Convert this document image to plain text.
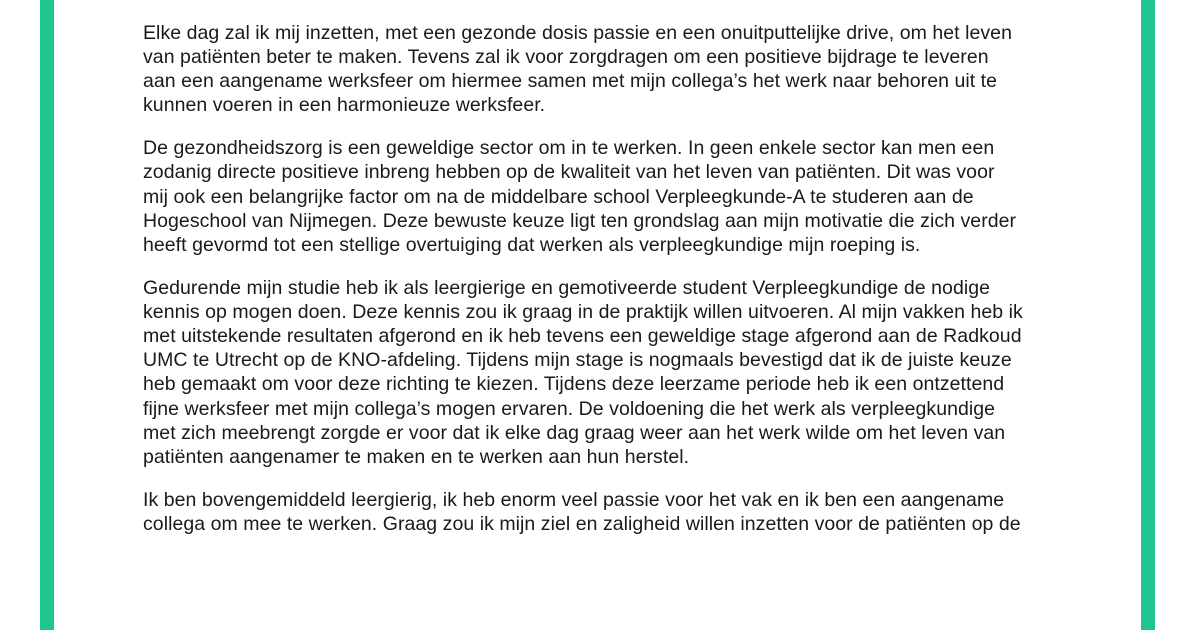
Elke dag zal ik mij inzetten, met een gezonde dosis passie en een onuitputtelijke drive, om het leven
van patiënten beter te maken. Tevens zal ik voor zorgdragen om een positieve bijdrage te leveren
aan een aangename werksfeer om hiermee samen met mijn collega’s het werk naar behoren uit te
kunnen voeren in een harmonieuze werksfeer.

De gezondheidszorg is een geweldige sector om in te werken. In geen enkele sector kan men een
zodanig directe positieve inbreng hebben op de kwaliteit van het leven van patiënten. Dit was voor
mij ook een belangrijke factor om na de middelbare school Verpleegkunde-A te studeren aan de
Hogeschool van Nijmegen. Deze bewuste keuze ligt ten grondslag aan mijn motivatie die zich verder
heeft gevormd tot een stellige overtuiging dat werken als verpleegkundige mijn roeping is.

Gedurende mijn studie heb ik als leergierige en gemotiveerde student Verpleegkundige de nodige
kennis op mogen doen. Deze kennis zou ik graag in de praktijk willen uitvoeren. Al mijn vakken heb ik
met uitstekende resultaten afgerond en ik heb tevens een geweldige stage afgerond aan de Radkoud
UMC te Utrecht op de KNO-afdeling. Tijdens mijn stage is nogmaals bevestigd dat ik de juiste keuze
heb gemaakt om voor deze richting te kiezen. Tijdens deze leerzame periode heb ik een ontzettend
fijne werksfeer met mijn collega’s mogen ervaren. De voldoening die het werk als verpleegkundige
met zich meebrengt zorgde er voor dat ik elke dag graag weer aan het werk wilde om het leven van
patiënten aangenamer te maken en te werken aan hun herstel.

Ik ben bovengemiddeld leergierig, ik heb enorm veel passie voor het vak en ik ben een aangename
collega om mee te werken. Graag zou ik mijn ziel en zaligheid willen inzetten voor de patiënten op de
